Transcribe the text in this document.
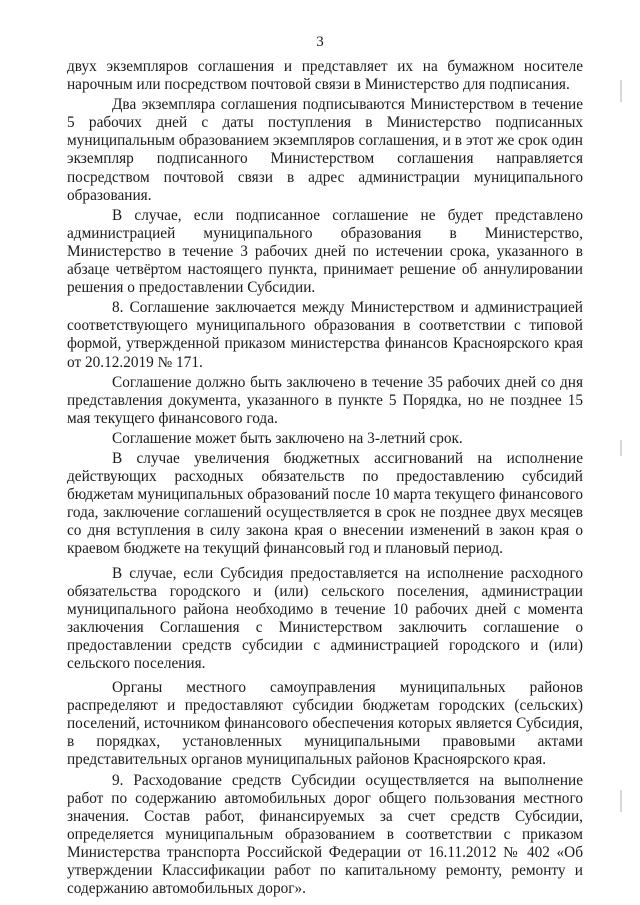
3

двух экземпляров соглашения и представляет их на бумажном носителе нарочным или посредством почтовой связи в Министерство для подписания.

Два экземпляра соглашения подписываются Министерством в течение 5 рабочих дней с даты поступления в Министерство подписанных муниципальным образованием экземпляров соглашения, и в этот же срок один экземпляр подписанного Министерством соглашения направляется посредством почтовой связи в адрес администрации муниципального образования.

В случае, если подписанное соглашение не будет представлено администрацией муниципального образования в Министерство, Министерство в течение 3 рабочих дней по истечении срока, указанного в абзаце четвёртом настоящего пункта, принимает решение об аннулировании решения о предоставлении Субсидии.

8. Соглашение заключается между Министерством и администрацией соответствующего муниципального образования в соответствии с типовой формой, утвержденной приказом министерства финансов Красноярского края от 20.12.2019 № 171.

Соглашение должно быть заключено в течение 35 рабочих дней со дня представления документа, указанного в пункте 5 Порядка, но не позднее 15 мая текущего финансового года.

Соглашение может быть заключено на 3-летний срок.

В случае увеличения бюджетных ассигнований на исполнение действующих расходных обязательств по предоставлению субсидий бюджетам муниципальных образований после 10 марта текущего финансового года, заключение соглашений осуществляется в срок не позднее двух месяцев со дня вступления в силу закона края о внесении изменений в закон края о краевом бюджете на текущий финансовый год и плановый период.

В случае, если Субсидия предоставляется на исполнение расходного обязательства городского и (или) сельского поселения, администрации муниципального района необходимо в течение 10 рабочих дней с момента заключения Соглашения с Министерством заключить соглашение о предоставлении средств субсидии с администрацией городского и (или) сельского поселения.

Органы местного самоуправления муниципальных районов распределяют и предоставляют субсидии бюджетам городских (сельских) поселений, источником финансового обеспечения которых является Субсидия, в порядках, установленных муниципальными правовыми актами представительных органов муниципальных районов Красноярского края.

9. Расходование средств Субсидии осуществляется на выполнение работ по содержанию автомобильных дорог общего пользования местного значения. Состав работ, финансируемых за счет средств Субсидии, определяется муниципальным образованием в соответствии с приказом Министерства транспорта Российской Федерации от 16.11.2012 № 402 «Об утверждении Классификации работ по капитальному ремонту, ремонту и содержанию автомобильных дорог».
